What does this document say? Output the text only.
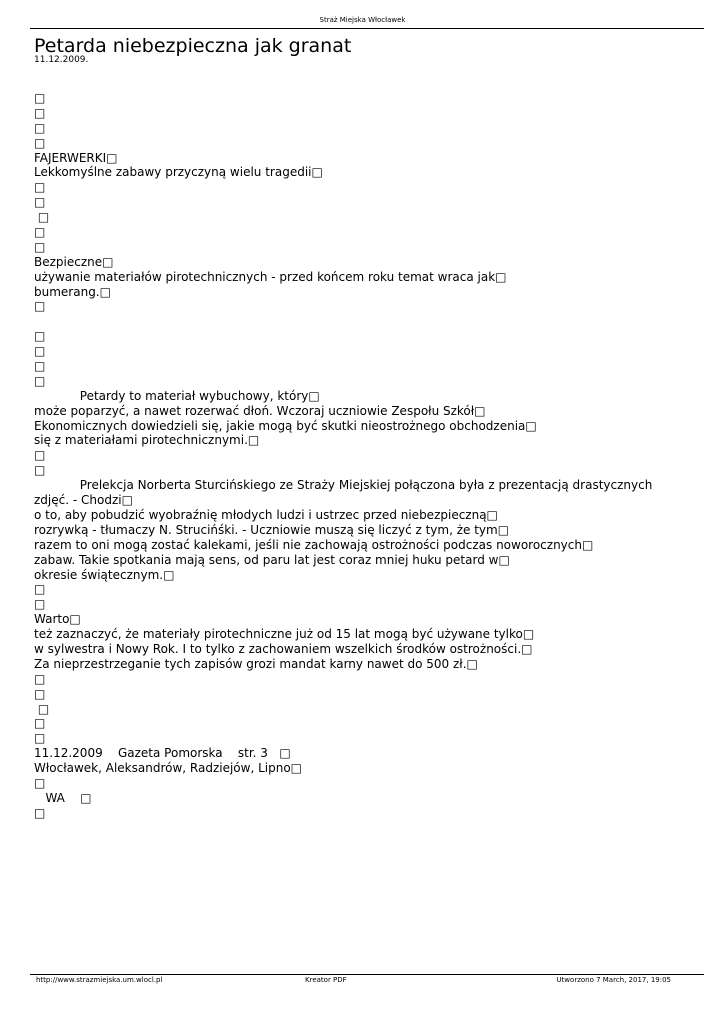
Straż Miejska Włocławek
Petarda niebezpieczna jak granat
11.12.2009.
□
□
□
□
FAJERWERKI□
Lekkomyślne zabawy przyczyną wielu tragedii□
□
□
□
□
□
Bezpieczne□
używanie materiałów pirotechnicznych - przed końcem roku temat wraca jak□
bumerang.□
□
□
□
□
□
Petardy to materiał wybuchowy, który□
może poparzyć, a nawet rozerwać dłoń. Wczoraj uczniowie Zespołu Szkół□
Ekonomicznych dowiedzieli się, jakie mogą być skutki nieostrożnego obchodzenia□
się z materiałami pirotechnicznymi.□
□
□
Prelekcja Norberta Sturcińskiego ze Straży Miejskiej połączona była z prezentacją drastycznych
zdjęć. - Chodzi□
o to, aby pobudzić wyobraźnię młodych ludzi i ustrzec przed niebezpieczną□
rozrywką - tłumaczy N. Strucińśki. - Uczniowie muszą się liczyć z tym, że tym□
razem to oni mogą zostać kalekami, jeśli nie zachowają ostrożności podczas noworocznych□
zabaw. Takie spotkania mają sens, od paru lat jest coraz mniej huku petard w□
okresie świątecznym.□
□
□
Warto□
też zaznaczyć, że materiały pirotechniczne już od 15 lat mogą być używane tylko□
w sylwestra i Nowy Rok. I to tylko z zachowaniem wszelkich środków ostrożności.□
Za nieprzestrzeganie tych zapisów grozi mandat karny nawet do 500 zł.□
□
□
□
□
□
11.12.2009    Gazeta Pomorska    str. 3   □
Włocławek, Aleksandrów, Radziejów, Lipno□
□
WA    □
□
http://www.strazmiejska.um.wlocl.pl	Kreator PDF	Utworzono 7 March, 2017, 19:05
